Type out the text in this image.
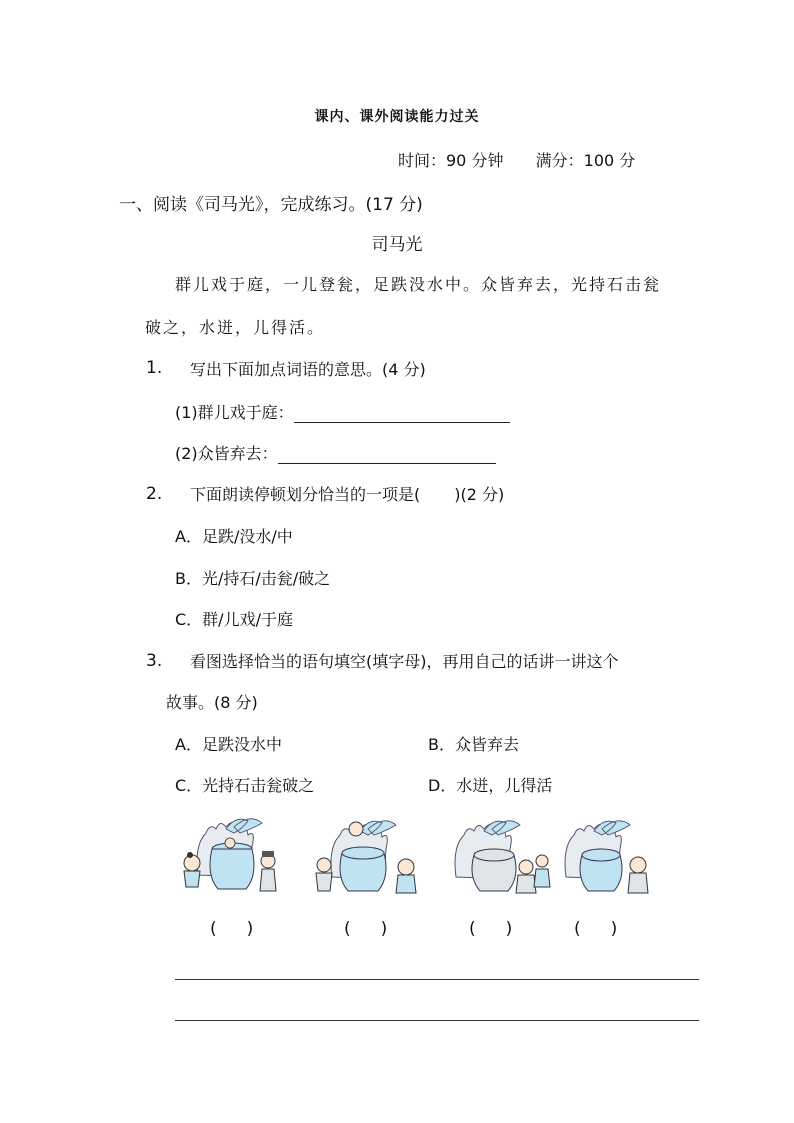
课内、课外阅读能力过关
时间：90 分钟 满分：100 分
一、阅读《司马光》，完成练习。(17 分)
司马光
群儿戏于庭，一儿登瓮，足跌没水中。众皆弃去，光持石击瓮
破之，水迸，儿得活。
1. 写出下面加点词语的意思。(4 分)
(1)群儿戏于庭：
(2)众皆弃去：
2. 下面朗读停顿划分恰当的一项是( )(2 分)
A．足跌/没水/中
B．光/持石/击瓮/破之
C．群/儿戏/于庭
3. 看图选择恰当的语句填空(填字母)，再用自己的话讲一讲这个
故事。(8 分)
A．足跌没水中	B．众皆弃去
C．光持石击瓮破之	D．水迸，儿得活
( )	( )	( )	( )
